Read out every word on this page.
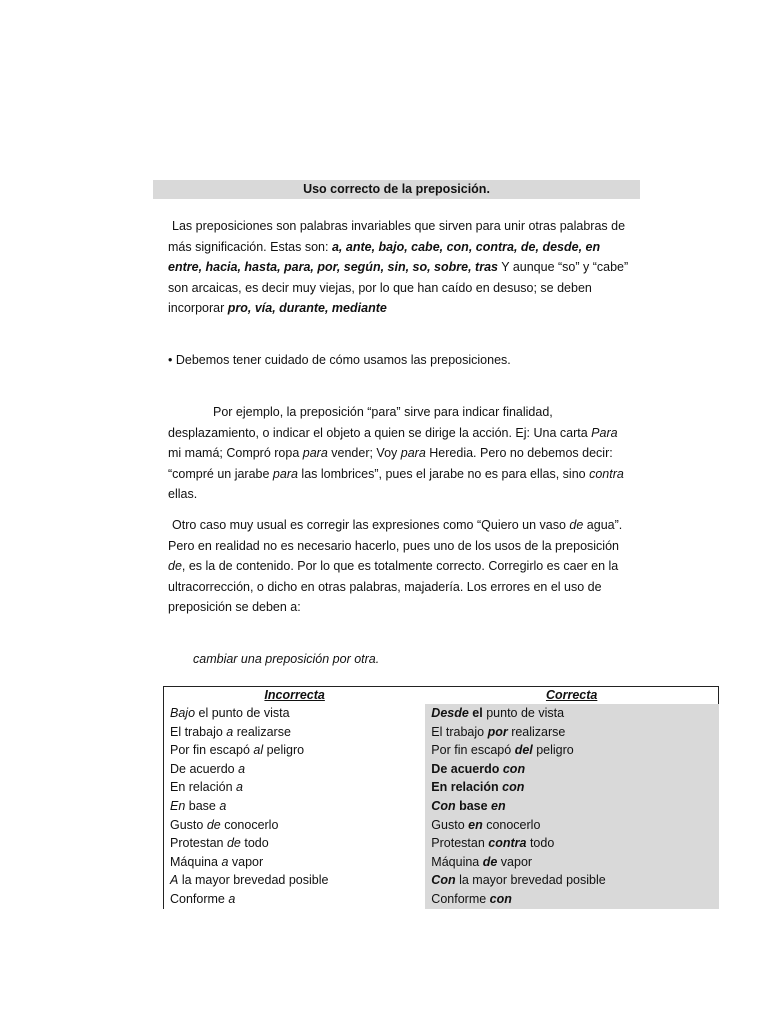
Uso correcto de la preposición.
Las preposiciones son palabras invariables que sirven para unir otras palabras de más significación. Estas son: a, ante, bajo, cabe, con, contra, de, desde, en entre, hacia, hasta, para, por, según, sin, so, sobre, tras Y aunque “so” y “cabe” son arcaicas, es decir muy viejas, por lo que han caído en desuso; se deben incorporar pro, vía, durante, mediante
• Debemos tener cuidado de cómo usamos las preposiciones.
Por ejemplo, la preposición “para” sirve para indicar finalidad, desplazamiento, o indicar el objeto a quien se dirige la acción. Ej: Una carta Para mi mamá; Compró ropa para vender; Voy para Heredia. Pero no debemos decir: “compré un jarabe para las lombrices”, pues el jarabe no es para ellas, sino contra ellas.
Otro caso muy usual es corregir las expresiones como “Quiero un vaso de agua”. Pero en realidad no es necesario hacerlo, pues uno de los usos de la preposición de, es la de contenido. Por lo que es totalmente correcto. Corregirlo es caer en la ultracorrección, o dicho en otras palabras, majadería. Los errores en el uso de preposición se deben a:
cambiar una preposición por otra.
Incorrecta	Correcta
Bajo el punto de vista	Desde el punto de vista
El trabajo a realizarse	El trabajo por realizarse
Por fin escapó al peligro	Por fin escapó del peligro
De acuerdo a	De acuerdo con
En relación a	En relación con
En base a	Con base en
Gusto de conocerlo	Gusto en conocerlo
Protestan de todo	Protestan contra todo
Máquina a vapor	Máquina de vapor
A la mayor brevedad posible	Con la mayor brevedad posible
Conforme a	Conforme con
